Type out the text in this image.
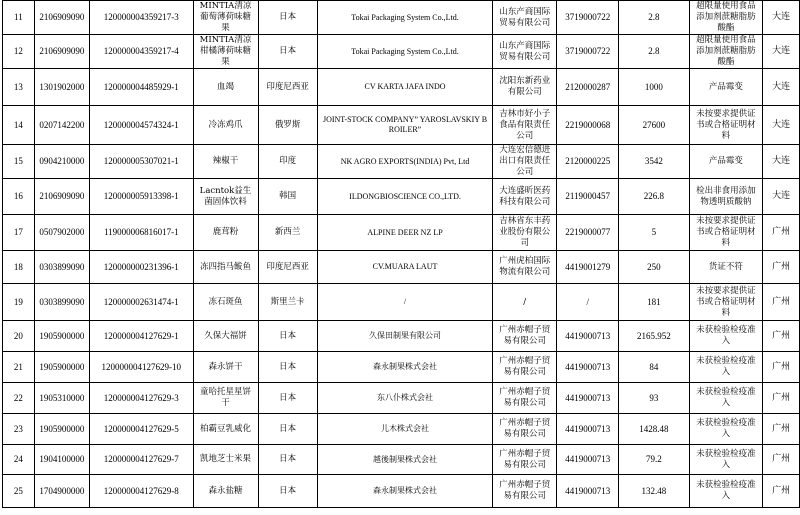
11	2106909090	120000004359217-3	MINTIA清凉葡萄薄荷味糖果	日本	Tokai Packaging System Co.,Ltd.	山东产商国际贸易有限公司	3719000722	2.8	超限量使用食品添加剂蔗糖脂肪酸酯	大连
12	2106909090	120000004359217-4	MINTIA清凉柑橘薄荷味糖果	日本	Tokai Packaging System Co.,Ltd.	山东产商国际贸易有限公司	3719000722	2.8	超限量使用食品添加剂蔗糖脂肪酸酯	大连
13	1301902000	120000004485929-1	血竭	印度尼西亚	CV KARTA JAFA INDO	沈阳东新药业有限公司	2120000287	1000	产品霉变	大连
14	0207142200	120000004574324-1	冷冻鸡爪	俄罗斯	JOINT-STOCK COMPANY” YAROSLAVSKIY BROILER”	吉林市好小子食品有限责任公司	2219000068	27600	未按要求提供证书或合格证明材料	大连
15	0904210000	120000005307021-1	辣椒干	印度	NK AGRO EXPORTS(INDIA) Pvt, Ltd	大连宏信德进出口有限责任公司	2120000225	3542	产品霉变	大连
16	2106909090	120000005913398-1	Lacntok益生菌固体饮料	韩国	ILDONGBIOSCIENCE CO.,LTD.	大连盛昕医药科技有限公司	2119000457	226.8	检出非食用添加物透明质酸钠	大连
17	0507902000	119000006816017-1	鹿茸粉	新西兰	ALPINE DEER NZ LP	吉林省东丰药业股份有限公司	2219000077	5	未按要求提供证书或合格证明材料	广州
18	0303899090	120000000231396-1	冻四指马鲅鱼	印度尼西亚	CV.MUARA LAUT	广州虎柏国际物流有限公司	4419001279	250	货证不符	广州
19	0303899090	120000002631474-1	冻石斑鱼	斯里兰卡	/	/	/	181	未按要求提供证书或合格证明材料	广州
20	1905900000	120000004127629-1	久保大福饼	日本	久保田制果有限公司	广州赤帽子贸易有限公司	4419000713	2165.952	未获检验检疫准入	广州
21	1905900000	120000004127629-10	森永饼干	日本	森永制果株式会社	广州赤帽子贸易有限公司	4419000713	84	未获检验检疫准入	广州
22	1905310000	120000004127629-3	童哈托星星饼干	日本	东八仆株式会社	广州赤帽子贸易有限公司	4419000713	93	未获检验检疫准入	广州
23	1905900000	120000004127629-5	柏霸豆乳威化	日本	儿木株式会社	广州赤帽子贸易有限公司	4419000713	1428.48	未获检验检疫准入	广州
24	1904100000	120000004127629-7	凯地芝士米果	日本	越後制果株式会社	广州赤帽子贸易有限公司	4419000713	79.2	未获检验检疫准入	广州
25	1704900000	120000004127629-8	森永盐糖	日本	森永制果株式会社	广州赤帽子贸易有限公司	4419000713	132.48	未获检验检疫准入	广州
